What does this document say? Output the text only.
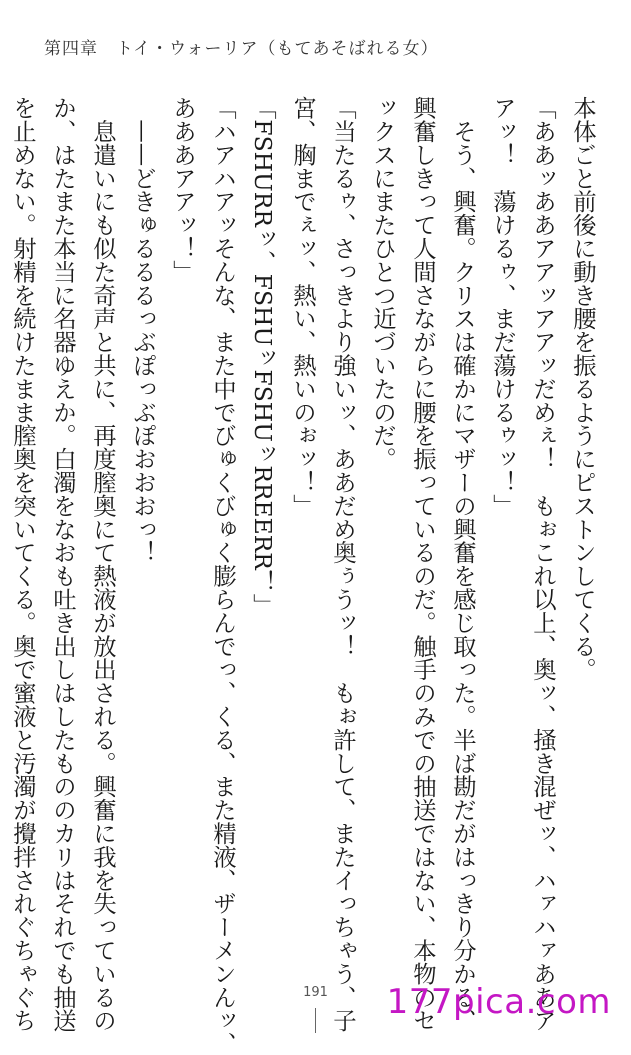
第四章　トイ・ウォーリア（もてあそばれる女）

本体ごと前後に動き腰を振るようにピストンしてくる。

「ああッああアアッアアッだめぇ！　もぉこれ以上、奥ッ、掻き混ぜッ、ハァハァああア

アッ！　蕩けるゥ、まだ蕩けるゥッ！」

　そう、興奮。クリスは確かにマザーの興奮を感じ取った。半ば勘だがはっきり分かる、

興奮しきって人間さながらに腰を振っているのだ。触手のみでの抽送ではない、本物のセ

ックスにまたひとつ近づいたのだ。

「当たるゥ、さっきより強いッ、ああだめ奥ぅうッ！　もぉ許して、またイっちゃう、子

宮、胸までぇッ、熱い、熱いのぉッ！」

「FSHURRッ、FSHUッFSHUッRREERR！」

「ハアハアッそんな、また中でびゅくびゅく膨らんでっ、くる、また精液、ザーメンんッ、

あああアアッ！」

　——どきゅるるるっぶぽっぶぽおおおっ！

　息遣いにも似た奇声と共に、再度膣奥にて熱液が放出される。興奮に我を失っているの

か、はたまた本当に名器ゆえか。白濁をなおも吐き出しはしたもののカリはそれでも抽送

を止めない。射精を続けたまま膣奥を突いてくる。奥で蜜液と汚濁が攪拌されぐちゃぐち	191	177pica.com
